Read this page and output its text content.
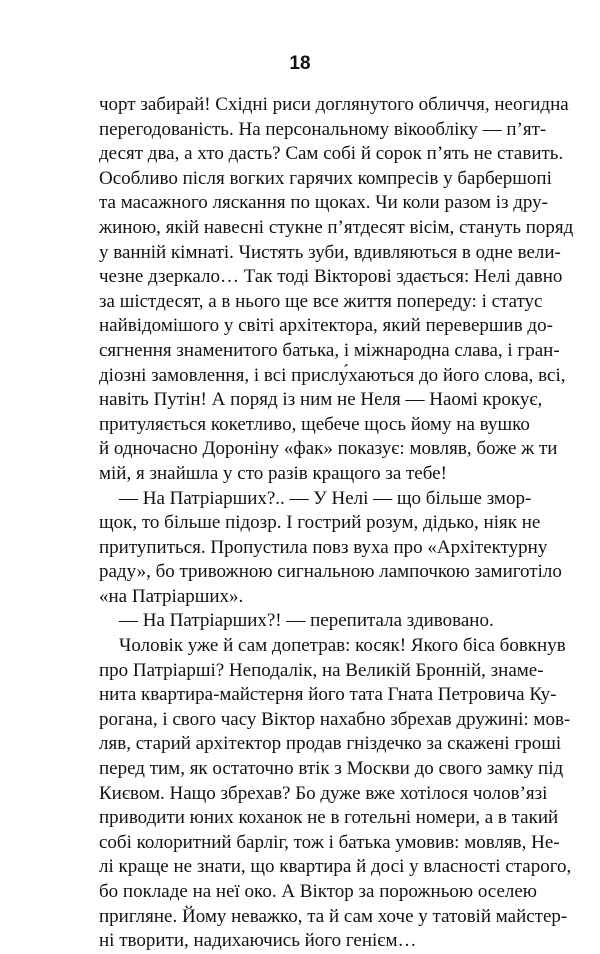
18
чорт забирай! Східні риси доглянутого обличчя, неогидна
перегодованість. На персональному вікообліку — п’ят-
десят два, а хто дасть? Сам собі й сорок п’ять не ставить.
Особливо після вогких гарячих компресів у барбершопі
та масажного ляскання по щоках. Чи коли разом із дру-
жиною, якій навесні стукне п’ятдесят вісім, стануть поряд
у ванній кімнаті. Чистять зуби, вдивляються в одне вели-
чезне дзеркало… Так тоді Вікторові здається: Нелі давно
за шістдесят, а в нього ще все життя попереду: і статус
найвідомішого у світі архітектора, який перевершив до-
сягнення знаменитого батька, і міжнародна слава, і гран-
діозні замовлення, і всі прислу́хаються до його слова, всі,
навіть Путін! А поряд із ним не Неля — Наомі крокує,
притуляється кокетливо, щебече щось йому на вушко
й одночасно Дороніну «фак» показує: мовляв, боже ж ти
мій, я знайшла у сто разів кращого за тебе!
— На Патріарших?.. — У Нелі — що більше змор-
щок, то більше підозр. І гострий розум, дідько, ніяк не
притупиться. Пропустила повз вуха про «Архітектурну
раду», бо тривожною сигнальною лампочкою замиготіло
«на Патріарших».
— На Патріарших?! — перепитала здивовано.
Чоловік уже й сам допетрав: косяк! Якого біса бовкнув
про Патріарші? Неподалік, на Великій Бронній, знаме-
нита квартира-майстерня його тата Гната Петровича Ку-
рогана, і свого часу Віктор нахабно збрехав дружині: мов-
ляв, старий архітектор продав гніздечко за скажені гроші
перед тим, як остаточно втік з Москви до свого замку під
Києвом. Нащо збрехав? Бо дуже вже хотілося чолов’язі
приводити юних коханок не в готельні номери, а в такий
собі колоритний барліг, тож і батька умовив: мовляв, Не-
лі краще не знати, що квартира й досі у власності старого,
бо покладе на неї око. А Віктор за порожньою оселею
пригляне. Йому неважко, та й сам хоче у татовій майстер-
ні творити, надихаючись його генієм…
